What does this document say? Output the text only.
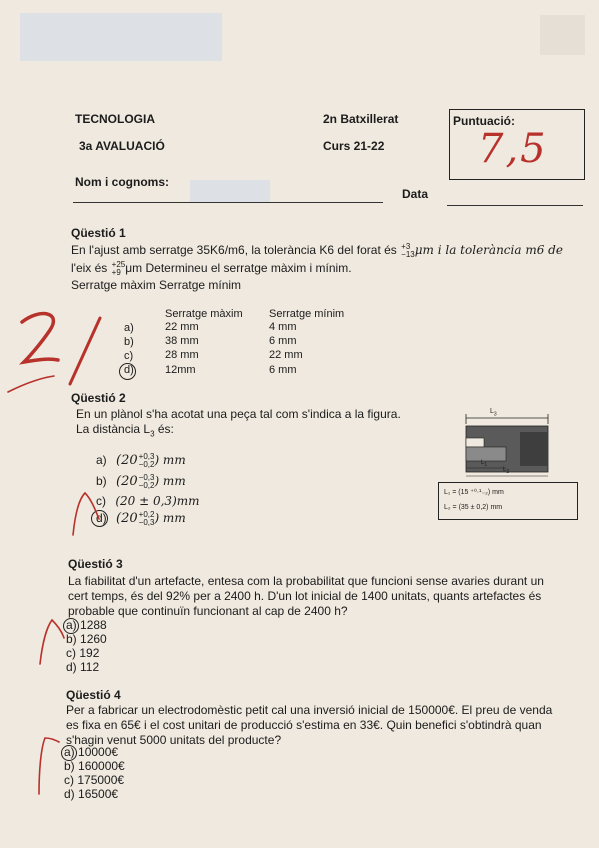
TECNOLOGIA	2n Batxillerat
3a AVALUACIÓ	Curs 21-22
Puntuació:
7,5
Nom i cognoms:
Data
Qüestió 1
En l'ajust amb serratge 35K6/m6, la tolerància K6 del forat és +3
−13 μm i la tolerància m6 de
l'eix és +25
+9 μm Determineu el serratge màxim i mínim.
Serratge màxim Serratge mínim
Serratge màxim Serratge mínim
a)	22 mm	4 mm
b)	38 mm	6 mm
c)	28 mm	22 mm
d)	12mm	6 mm
Qüestió 2
En un plànol s'ha acotat una peça tal com s'indica a la figura.
La distància $L_3$ és:
a) (20 +0,3
−0,2 ) mm
b) (20 −0,3
−0,2 ) mm
c) (20 ± 0,3)mm
d) (20 +0,2
−0,3 ) mm
$L_3$
$L_1$
$L_2$
L₁ = (15 ⁺⁰·¹₋₂) mm
L₂ = (35 ± 0,2) mm
Qüestió 3
La fiabilitat d'un artefacte, entesa com la probabilitat que funcioni sense avaries durant un
cert temps, és del 92% per a 2400 h. D'un lot inicial de 1400 unitats, quants artefactes és
probable que continuïn funcionant al cap de 2400 h?
a) 1288
b) 1260
c) 192
d) 112
Qüestió 4
Per a fabricar un electrodomèstic petit cal una inversió inicial de 150000€. El preu de venda
es fixa en 65€ i el cost unitari de producció s'estima en 33€. Quin benefici s'obtindrà quan
s'hagin venut 5000 unitats del producte?
a) 10000€
b) 160000€
c) 175000€
d) 16500€
